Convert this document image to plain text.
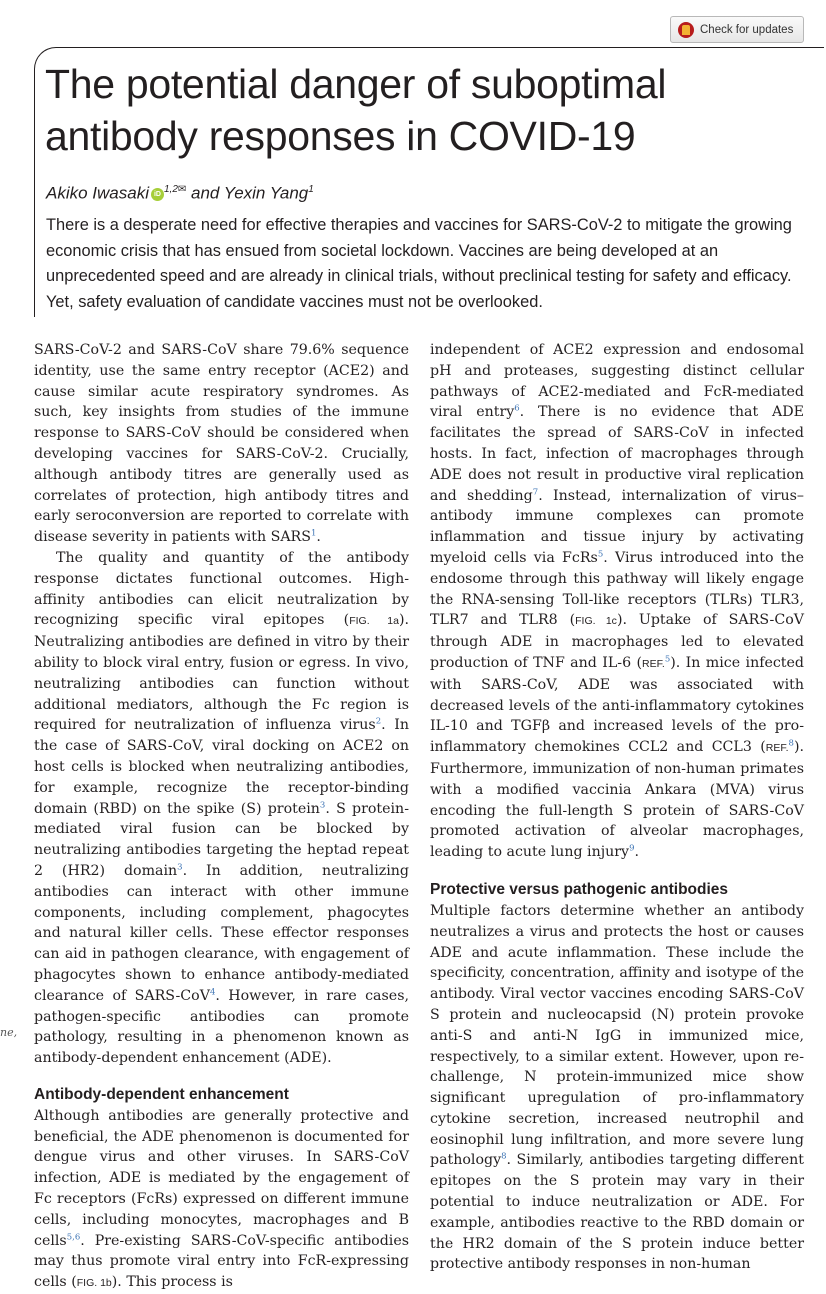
Check for updates
The potential danger of suboptimal antibody responses in COVID-19

Akiko Iwasaki iD $^{1,2✉}$ and Yexin Yang$^1$

There is a desperate need for effective therapies and vaccines for SARS-CoV-2 to mitigate the growing economic crisis that has ensued from societal lockdown. Vaccines are being developed at an unprecedented speed and are already in clinical trials, without preclinical testing for safety and efficacy. Yet, safety evaluation of candidate vaccines must not be overlooked.

ne,

SARS-CoV-2 and SARS-CoV share 79.6% sequence identity, use the same entry receptor (ACE2) and cause similar acute respiratory syndromes. As such, key insights from studies of the immune response to SARS-CoV should be considered when developing vaccines for SARS-CoV-2. Crucially, although antibody titres are generally used as correlates of protection, high antibody titres and early seroconversion are reported to correlate with disease severity in patients with SARS$^1$.

The quality and quantity of the antibody response dictates functional outcomes. High-affinity antibodies can elicit neutralization by recognizing specific viral epitopes (FIG. 1a). Neutralizing antibodies are defined in vitro by their ability to block viral entry, fusion or egress. In vivo, neutralizing antibodies can function without additional mediators, although the Fc region is required for neutralization of influenza virus$^2$. In the case of SARS-CoV, viral docking on ACE2 on host cells is blocked when neutralizing antibodies, for example, recognize the receptor-binding domain (RBD) on the spike (S) protein$^3$. S protein-mediated viral fusion can be blocked by neutralizing antibodies targeting the heptad repeat 2 (HR2) domain$^3$. In addition, neutralizing antibodies can interact with other immune components, including complement, phagocytes and natural killer cells. These effector responses can aid in pathogen clearance, with engagement of phagocytes shown to enhance antibody-mediated clearance of SARS-CoV$^4$. However, in rare cases, pathogen-specific antibodies can promote pathology, resulting in a phenomenon known as antibody-dependent enhancement (ADE).

Antibody-dependent enhancement

Although antibodies are generally protective and beneficial, the ADE phenomenon is documented for dengue virus and other viruses. In SARS-CoV infection, ADE is mediated by the engagement of Fc receptors (FcRs) expressed on different immune cells, including monocytes, macrophages and B cells$^{5,6}$. Pre-existing SARS-CoV-specific antibodies may thus promote viral entry into FcR-expressing cells (FIG. 1b). This process is

independent of ACE2 expression and endosomal pH and proteases, suggesting distinct cellular pathways of ACE2-mediated and FcR-mediated viral entry$^6$. There is no evidence that ADE facilitates the spread of SARS-CoV in infected hosts. In fact, infection of macrophages through ADE does not result in productive viral replication and shedding$^7$. Instead, internalization of virus–antibody immune complexes can promote inflammation and tissue injury by activating myeloid cells via FcRs$^5$. Virus introduced into the endosome through this pathway will likely engage the RNA-sensing Toll-like receptors (TLRs) TLR3, TLR7 and TLR8 (FIG. 1c). Uptake of SARS-CoV through ADE in macrophages led to elevated production of TNF and IL-6 (REF.$^5$). In mice infected with SARS-CoV, ADE was associated with decreased levels of the anti-inflammatory cytokines IL-10 and TGFβ and increased levels of the pro-inflammatory chemokines CCL2 and CCL3 (REF.$^8$). Furthermore, immunization of non-human primates with a modified vaccinia Ankara (MVA) virus encoding the full-length S protein of SARS-CoV promoted activation of alveolar macrophages, leading to acute lung injury$^9$.

Protective versus pathogenic antibodies

Multiple factors determine whether an antibody neutralizes a virus and protects the host or causes ADE and acute inflammation. These include the specificity, concentration, affinity and isotype of the antibody. Viral vector vaccines encoding SARS-CoV S protein and nucleocapsid (N) protein provoke anti-S and anti-N IgG in immunized mice, respectively, to a similar extent. However, upon re-challenge, N protein-immunized mice show significant upregulation of pro-inflammatory cytokine secretion, increased neutrophil and eosinophil lung infiltration, and more severe lung pathology$^8$. Similarly, antibodies targeting different epitopes on the S protein may vary in their potential to induce neutralization or ADE. For example, antibodies reactive to the RBD domain or the HR2 domain of the S protein induce better protective antibody responses in non-human
